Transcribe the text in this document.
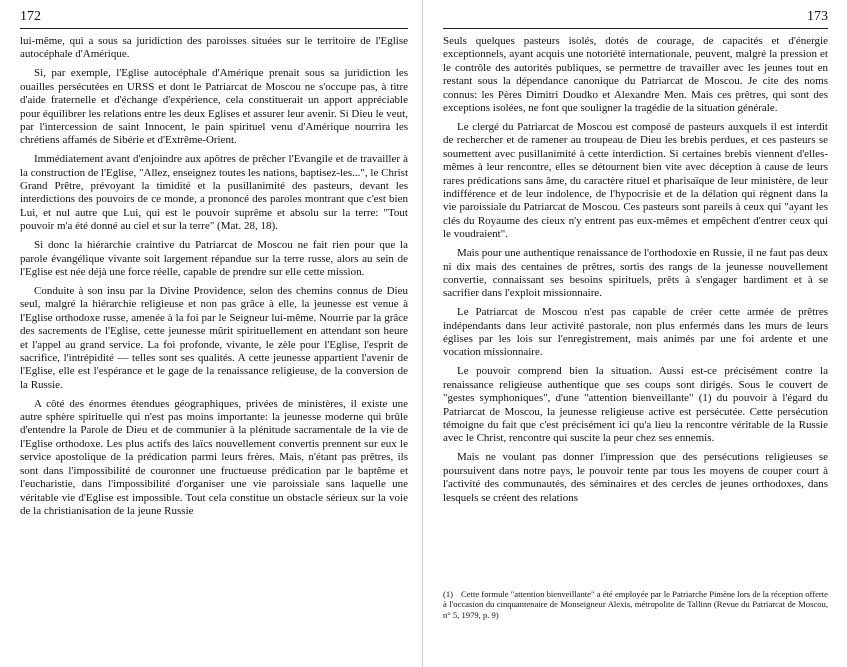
172

lui-même, qui a sous sa juridiction des paroisses situées sur le territoire de l'Eglise autocéphale d'Amérique.

Si, par exemple, l'Eglise autocéphale d'Amérique prenait sous sa juridiction les ouailles persécutées en URSS et dont le Patriarcat de Moscou ne s'occupe pas, à titre d'aide fraternelle et d'échange d'expérience, cela constituerait un apport appréciable pour équilibrer les relations entre les deux Eglises et assurer leur avenir. Si Dieu le veut, par l'intercession de saint Innocent, le pain spirituel venu d'Amérique nourrira les chrétiens affamés de Sibérie et d'Extrême-Orient.

Immédiatement avant d'enjoindre aux apôtres de prêcher l'Evangile et de travailler à la construction de l'Eglise, "Allez, enseignez toutes les nations, baptisez-les...", le Christ Grand Prêtre, prévoyant la timidité et la pusillanimité des pasteurs, devant les interdictions des pouvoirs de ce monde, a prononcé des paroles montrant que c'est bien Lui, et nul autre que Lui, qui est le pouvoir suprême et absolu sur la terre: "Tout pouvoir m'a été donné au ciel et sur la terre" (Mat. 28, 18).

Si donc la hiérarchie craintive du Patriarcat de Moscou ne fait rien pour que la parole évangélique vivante soit largement répandue sur la terre russe, alors au sein de l'Eglise est née déjà une force réelle, capable de prendre sur elle cette mission.

Conduite à son insu par la Divine Providence, selon des chemins connus de Dieu seul, malgré la hiérarchie religieuse et non pas grâce à elle, la jeunesse est venue à l'Eglise orthodoxe russe, amenée à la foi par le Seigneur lui-même. Nourrie par la grâce des sacrements de l'Eglise, cette jeunesse mûrit spirituellement en attendant son heure et l'appel au grand service. La foi profonde, vivante, le zèle pour l'Eglise, l'esprit de sacrifice, l'intrépidité — telles sont ses qualités. A cette jeunesse appartient l'avenir de l'Eglise, elle est l'espérance et le gage de la renaissance religieuse, de la conversion de la Russie.

A côté des énormes étendues géographiques, privées de ministères, il existe une autre sphère spirituelle qui n'est pas moins importante: la jeunesse moderne qui brûle d'entendre la Parole de Dieu et de communier à la plénitude sacramentale de la vie de l'Eglise orthodoxe. Les plus actifs des laïcs nouvellement convertis prennent sur eux le service apostolique de la prédication parmi leurs frères. Mais, n'étant pas prêtres, ils sont dans l'impossibilité de couronner une fructueuse prédication par le baptême et l'eucharistie, dans l'impossibilité d'organiser une vie paroissiale sans laquelle une véritable vie d'Eglise est impossible. Tout cela constitue un obstacle sérieux sur la voie de la christianisation de la jeune Russie

173

Seuls quelques pasteurs isolés, dotés de courage, de capacités et d'énergie exceptionnels, ayant acquis une notoriété internationale, peuvent, malgré la pression et le contrôle des autorités publiques, se permettre de travailler avec les jeunes tout en restant sous la dépendance canonique du Patriarcat de Moscou. Je cite des noms connus: les Pères Dimitri Doudko et Alexandre Men. Mais ces prêtres, qui sont des exceptions isolées, ne font que souligner la tragédie de la situation générale.

Le clergé du Patriarcat de Moscou est composé de pasteurs auxquels il est interdit de rechercher et de ramener au troupeau de Dieu les brebis perdues, et ces pasteurs se soumettent avec pusillanimité à cette interdiction. Si certaines brebis viennent d'elles-mêmes à leur rencontre, elles se détournent bien vite avec déception à cause de leurs rares prédications sans âme, du caractère rituel et pharisaïque de leur ministère, de leur indifférence et de leur indolence, de l'hypocrisie et de la délation qui règnent dans la vie paroissiale du Patriarcat de Moscou. Ces pasteurs sont pareils à ceux qui "ayant les clés du Royaume des cieux n'y entrent pas eux-mêmes et empêchent d'entrer ceux qui le voudraient".

Mais pour une authentique renaissance de l'orthodoxie en Russie, il ne faut pas deux ni dix mais des centaines de prêtres, sortis des rangs de la jeunesse nouvellement convertie, connaissant ses besoins spirituels, prêts à s'engager hardiment et à se sacrifier dans l'exploit missionnaire.

Le Patriarcat de Moscou n'est pas capable de créer cette armée de prêtres indépendants dans leur activité pastorale, non plus enfermés dans les murs de leurs églises par les lois sur l'enregistrement, mais animés par une foi ardente et une vocation missionnaire.

Le pouvoir comprend bien la situation. Aussi est-ce précisément contre la renaissance religieuse authentique que ses coups sont dirigés. Sous le couvert de "gestes symphoniques", d'une "attention bienveillante" (1) du pouvoir à l'égard du Patriarcat de Moscou, la jeunesse religieuse active est persécutée. Cette persécution témoigne du fait que c'est précisément ici qu'a lieu la rencontre véritable de la Russie avec le Christ, rencontre qui suscite la peur chez ses ennemis.

Mais ne voulant pas donner l'impression que des persécutions religieuses se poursuivent dans notre pays, le pouvoir tente par tous les moyens de couper court à l'activité des communautés, des séminaires et des cercles de jeunes orthodoxes, dans lesquels se créent des relations

(1) Cette formule "attention bienveillante" a été employée par le Patriarche Pimène lors de la réception offerte à l'occasion du cinquantenaire de Monseigneur Alexis, métropolite de Tallinn (Revue du Patriarcat de Moscou, n° 5, 1979, p. 9)
